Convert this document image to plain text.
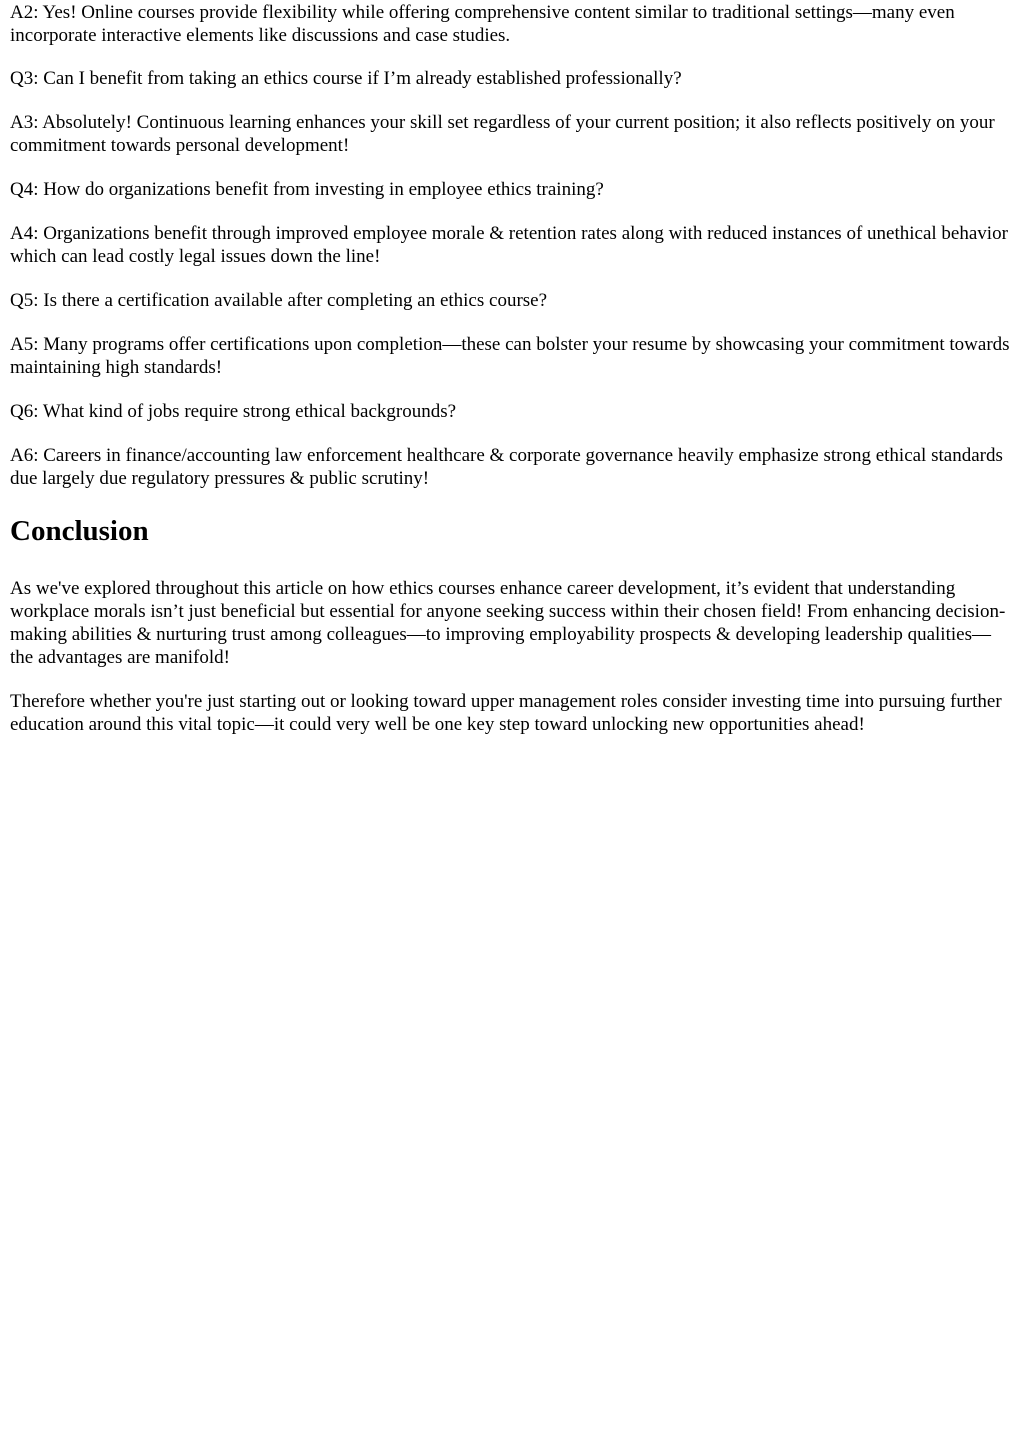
A2: Yes! Online courses provide flexibility while offering comprehensive content similar to traditional settings—many even incorporate interactive elements like discussions and case studies.

Q3: Can I benefit from taking an ethics course if I’m already established professionally?

A3: Absolutely! Continuous learning enhances your skill set regardless of your current position; it also reflects positively on your commitment towards personal development!

Q4: How do organizations benefit from investing in employee ethics training?

A4: Organizations benefit through improved employee morale & retention rates along with reduced instances of unethical behavior which can lead costly legal issues down the line!

Q5: Is there a certification available after completing an ethics course?

A5: Many programs offer certifications upon completion—these can bolster your resume by showcasing your commitment towards maintaining high standards!

Q6: What kind of jobs require strong ethical backgrounds?

A6: Careers in finance/accounting law enforcement healthcare & corporate governance heavily emphasize strong ethical standards due largely due regulatory pressures & public scrutiny!

Conclusion

As we've explored throughout this article on how ethics courses enhance career development, it’s evident that understanding workplace morals isn’t just beneficial but essential for anyone seeking success within their chosen field! From enhancing decision-making abilities & nurturing trust among colleagues—to improving employability prospects & developing leadership qualities—the advantages are manifold!

Therefore whether you're just starting out or looking toward upper management roles consider investing time into pursuing further education around this vital topic—it could very well be one key step toward unlocking new opportunities ahead!
